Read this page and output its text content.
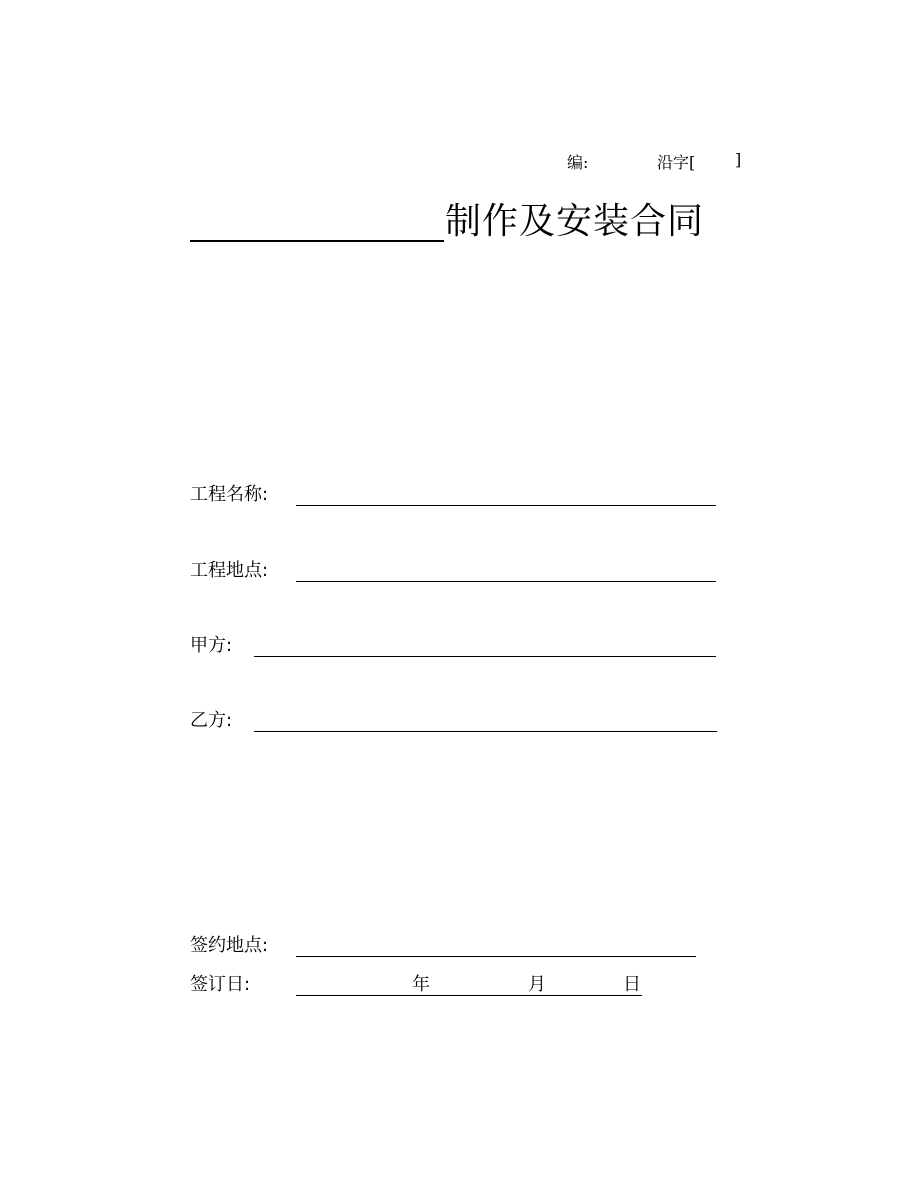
编:	沿字[ ]
制作及安装合同
工程名称:
工程地点:
甲方:
乙方:
签约地点:
签订日:	年	月	日
